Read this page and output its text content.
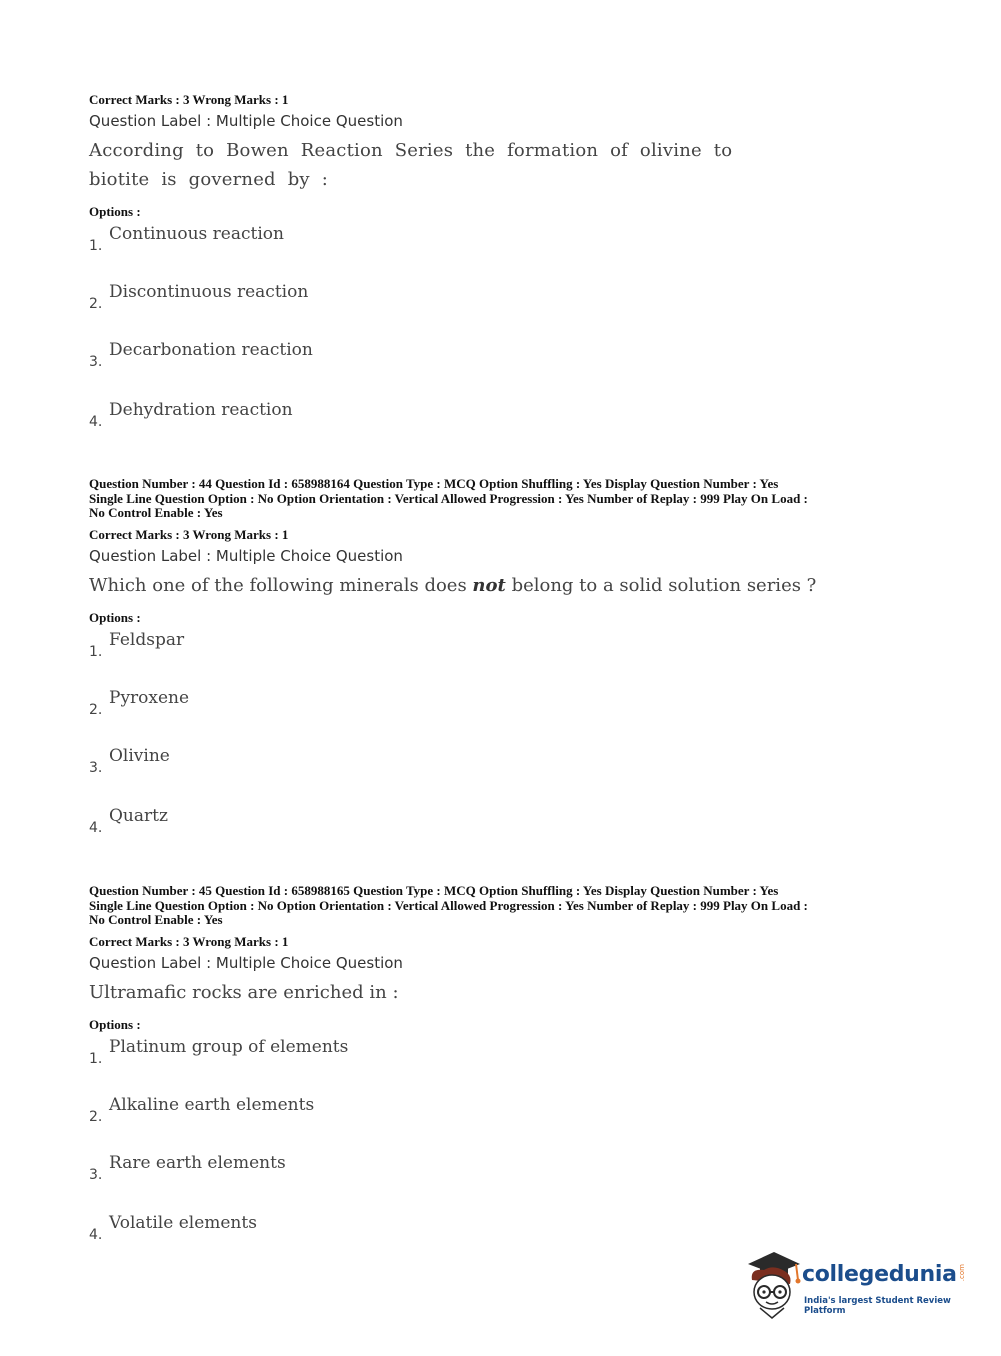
Correct Marks : 3 Wrong Marks : 1
Question Label : Multiple Choice Question
According to Bowen Reaction Series the formation of olivine to biotite is governed by :
Options :
1.
Continuous reaction
2.
Discontinuous reaction
3.
Decarbonation reaction
4.
Dehydration reaction
Question Number : 44 Question Id : 658988164 Question Type : MCQ Option Shuffling : Yes Display Question Number : Yes
Single Line Question Option : No Option Orientation : Vertical Allowed Progression : Yes Number of Replay : 999 Play On Load :
No Control Enable : Yes
Correct Marks : 3 Wrong Marks : 1
Question Label : Multiple Choice Question
Which one of the following minerals does not belong to a solid solution series ?
Options :
1.
Feldspar
2.
Pyroxene
3.
Olivine
4.
Quartz
Question Number : 45 Question Id : 658988165 Question Type : MCQ Option Shuffling : Yes Display Question Number : Yes
Single Line Question Option : No Option Orientation : Vertical Allowed Progression : Yes Number of Replay : 999 Play On Load :
No Control Enable : Yes
Correct Marks : 3 Wrong Marks : 1
Question Label : Multiple Choice Question
Ultramafic rocks are enriched in :
Options :
1.
Platinum group of elements
2.
Alkaline earth elements
3.
Rare earth elements
4.
Volatile elements
collegedunia .com
India's largest Student Review Platform
